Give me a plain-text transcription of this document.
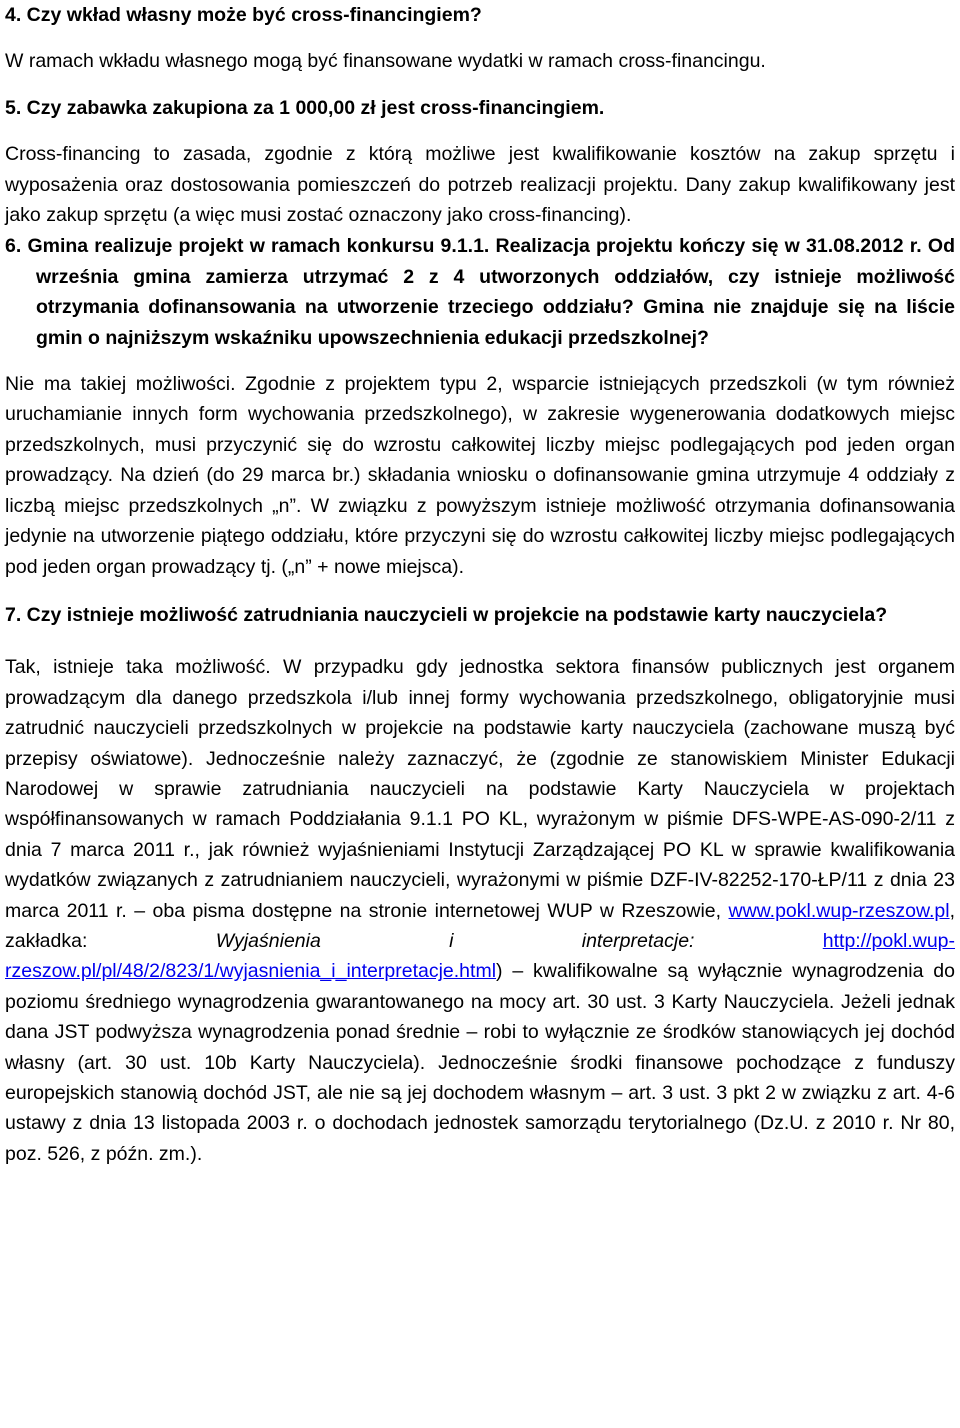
4. Czy wkład własny może być cross-financingiem?

W ramach wkładu własnego mogą być finansowane wydatki w ramach cross-financingu.

5. Czy zabawka zakupiona za 1 000,00 zł jest cross-financingiem.

Cross-financing to zasada, zgodnie z którą możliwe jest kwalifikowanie kosztów na zakup sprzętu i wyposażenia oraz dostosowania pomieszczeń do potrzeb realizacji projektu. Dany zakup kwalifikowany jest jako zakup sprzętu (a więc musi zostać oznaczony jako cross-financing).

6. Gmina realizuje projekt w ramach konkursu 9.1.1. Realizacja projektu kończy się w 31.08.2012 r. Od września gmina zamierza utrzymać 2 z 4 utworzonych oddziałów, czy istnieje możliwość otrzymania dofinansowania na utworzenie trzeciego oddziału? Gmina nie znajduje się na liście gmin o najniższym wskaźniku upowszechnienia edukacji przedszkolnej?

Nie ma takiej możliwości. Zgodnie z projektem typu 2, wsparcie istniejących przedszkoli (w tym również uruchamianie innych form wychowania przedszkolnego), w zakresie wygenerowania dodatkowych miejsc przedszkolnych, musi przyczynić się do wzrostu całkowitej liczby miejsc podlegających pod jeden organ prowadzący. Na dzień (do 29 marca br.) składania wniosku o dofinansowanie gmina utrzymuje 4 oddziały z liczbą miejsc przedszkolnych „n”. W związku z powyższym istnieje możliwość otrzymania dofinansowania jedynie na utworzenie piątego oddziału, które przyczyni się do wzrostu całkowitej liczby miejsc podlegających pod jeden organ prowadzący tj. („n” + nowe miejsca).

7. Czy istnieje możliwość zatrudniania nauczycieli w projekcie na podstawie karty nauczyciela?

Tak, istnieje taka możliwość. W przypadku gdy jednostka sektora finansów publicznych jest organem prowadzącym dla danego przedszkola i/lub innej formy wychowania przedszkolnego, obligatoryjnie musi zatrudnić nauczycieli przedszkolnych w projekcie na podstawie karty nauczyciela (zachowane muszą być przepisy oświatowe). Jednocześnie należy zaznaczyć, że (zgodnie ze stanowiskiem Minister Edukacji Narodowej w sprawie zatrudniania nauczycieli na podstawie Karty Nauczyciela w projektach współfinansowanych w ramach Poddziałania 9.1.1 PO KL, wyrażonym w piśmie DFS-WPE-AS-090-2/11 z dnia 7 marca 2011 r., jak również wyjaśnieniami Instytucji Zarządzającej PO KL w sprawie kwalifikowania wydatków związanych z zatrudnianiem nauczycieli, wyrażonymi w piśmie DZF-IV-82252-170-ŁP/11 z dnia 23 marca 2011 r. – oba pisma dostępne na stronie internetowej WUP w Rzeszowie, www.pokl.wup-rzeszow.pl, zakładka: Wyjaśnienia i interpretacje:	http://pokl.wup-rzeszow.pl/pl/48/2/823/1/wyjasnienia_i_interpretacje.html) – kwalifikowalne są wyłącznie wynagrodzenia do poziomu średniego wynagrodzenia gwarantowanego na mocy art. 30 ust. 3 Karty Nauczyciela. Jeżeli jednak dana JST podwyższa wynagrodzenia ponad średnie – robi to wyłącznie ze środków stanowiących jej dochód własny (art. 30 ust. 10b Karty Nauczyciela). Jednocześnie środki finansowe pochodzące z funduszy europejskich stanowią dochód JST, ale nie są jej dochodem własnym – art. 3 ust. 3 pkt 2 w związku z art. 4-6 ustawy z dnia 13 listopada 2003 r. o dochodach jednostek samorządu terytorialnego (Dz.U. z 2010 r. Nr 80, poz. 526, z późn. zm.).
